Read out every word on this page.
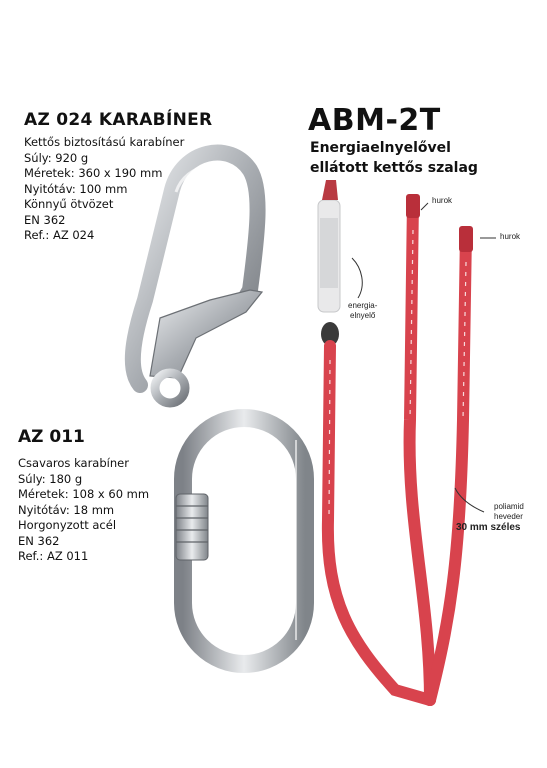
AZ 024 KARABÍNER
Kettős biztosítású karabíner
Súly: 920 g
Méretek: 360 x 190 mm
Nyitótáv: 100 mm
Könnyű ötvözet
EN 362
Ref.: AZ 024
AZ 011
Csavaros karabíner
Súly: 180 g
Méretek: 108 x 60 mm
Nyitótáv: 18 mm
Horgonyzott acél
EN 362
Ref.: AZ 011
ABM-2T
Energiaelnyelővel
ellátott kettős szalag
hurok
hurok
energia-
elnyelő
poliamid
heveder
30 mm széles
